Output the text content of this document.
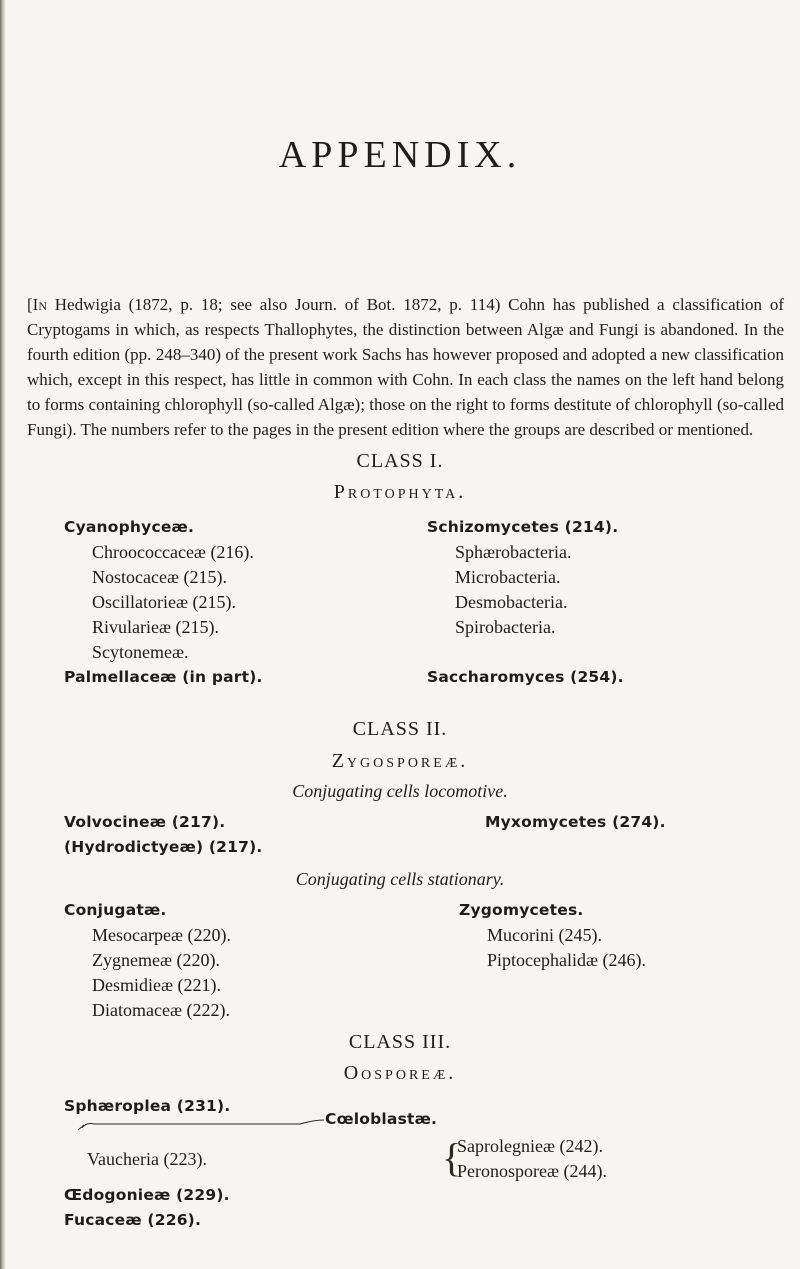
APPENDIX.

[In Hedwigia (1872, p. 18; see also Journ. of Bot. 1872, p. 114) Cohn has published a classification of Cryptogams in which, as respects Thallophytes, the distinction between Algæ and Fungi is abandoned. In the fourth edition (pp. 248–340) of the present work Sachs has however proposed and adopted a new classification which, except in this respect, has little in common with Cohn. In each class the names on the left hand belong to forms containing chlorophyll (so-called Algæ); those on the right to forms destitute of chlorophyll (so-called Fungi). The numbers refer to the pages in the present edition where the groups are described or mentioned.

CLASS I.
Protophyta.
Cyanophyceæ.
Chroococcaceæ (216).
Nostocaceæ (215).
Oscillatorieæ (215).
Rivularieæ (215).
Scytonemeæ.
Palmellaceæ (in part).
Schizomycetes (214).
Sphærobacteria.
Microbacteria.
Desmobacteria.
Spirobacteria.
Saccharomyces (254).
CLASS II.
Zygosporeæ.
Conjugating cells locomotive.
Volvocineæ (217).
(Hydrodictyeæ) (217).
Myxomycetes (274).
Conjugating cells stationary.
Conjugatæ.
Mesocarpeæ (220).
Zygnemeæ (220).
Desmidieæ (221).
Diatomaceæ (222).
Zygomycetes.
Mucorini (245).
Piptocephalidæ (246).
CLASS III.
Oosporeæ.
Sphæroplea (231).
Cœloblastæ.
Vaucheria (223).	{
Saprolegnieæ (242).
Peronosporeæ (244).
Œdogonieæ (229).
Fucaceæ (226).
